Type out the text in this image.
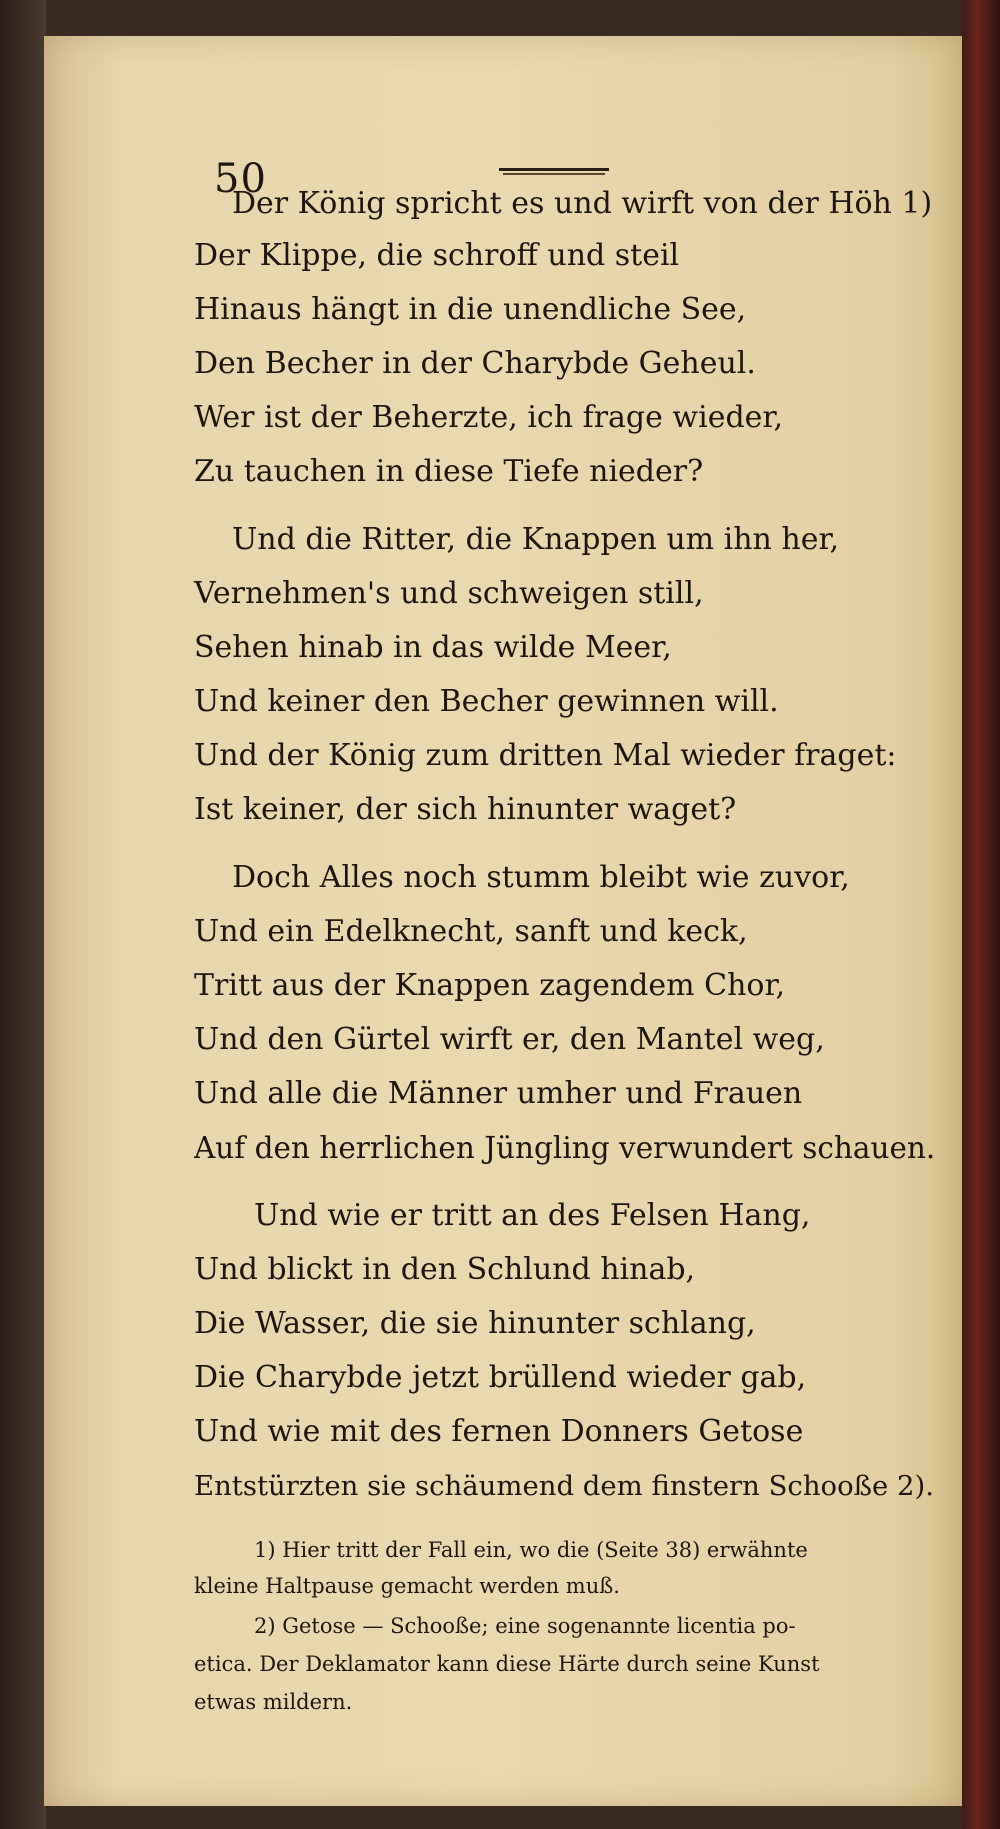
50
Der König spricht es und wirft von der Höh 1)
Der Klippe, die schroff und steil
Hinaus hängt in die unendliche See,
Den Becher in der Charybde Geheul.
Wer ist der Beherzte, ich frage wieder,
Zu tauchen in diese Tiefe nieder?
Und die Ritter, die Knappen um ihn her,
Vernehmen's und schweigen still,
Sehen hinab in das wilde Meer,
Und keiner den Becher gewinnen will.
Und der König zum dritten Mal wieder fraget:
Ist keiner, der sich hinunter waget?
Doch Alles noch stumm bleibt wie zuvor,
Und ein Edelknecht, sanft und keck,
Tritt aus der Knappen zagendem Chor,
Und den Gürtel wirft er, den Mantel weg,
Und alle die Männer umher und Frauen
Auf den herrlichen Jüngling verwundert schauen.
Und wie er tritt an des Felsen Hang,
Und blickt in den Schlund hinab,
Die Wasser, die sie hinunter schlang,
Die Charybde jetzt brüllend wieder gab,
Und wie mit des fernen Donners Getose
Entstürzten sie schäumend dem finstern Schooße 2).
1) Hier tritt der Fall ein, wo die (Seite 38) erwähnte
kleine Haltpause gemacht werden muß.
2) Getose — Schooße; eine sogenannte licentia po-
etica. Der Deklamator kann diese Härte durch seine Kunst
etwas mildern.
